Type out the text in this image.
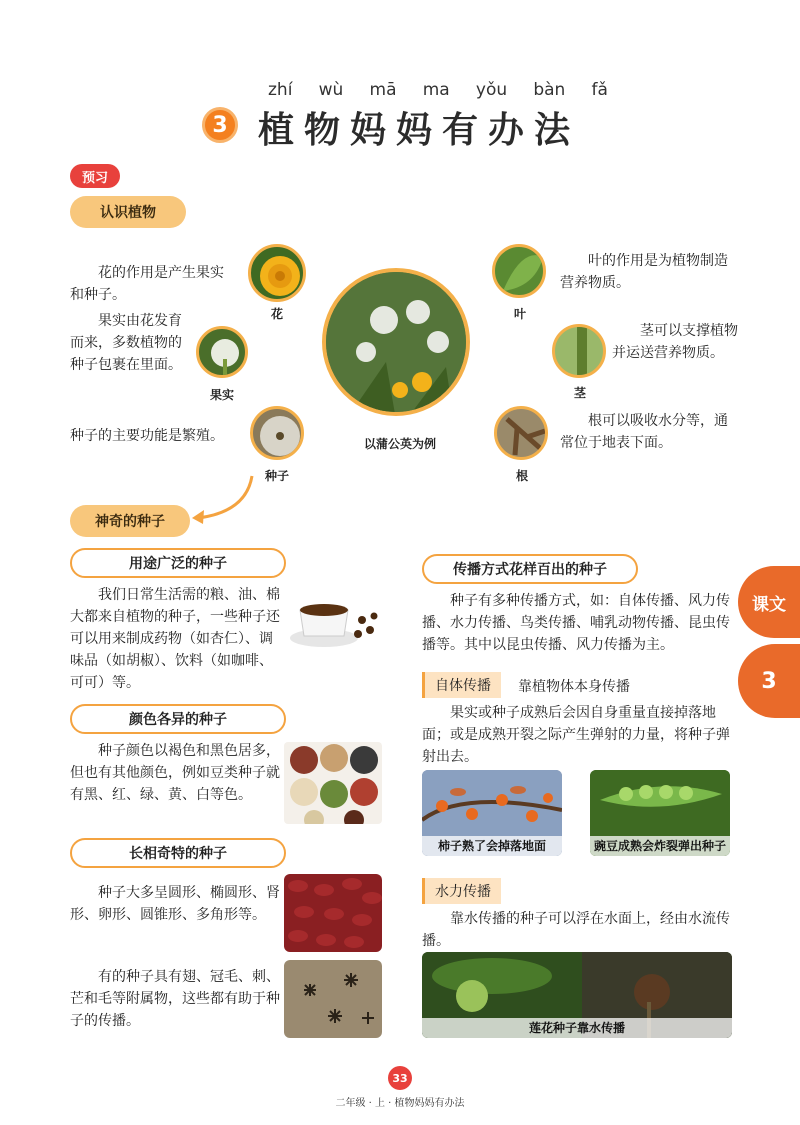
zhí wù mā ma yǒu bàn fǎ
3 植物妈妈有办法
预习
认识植物
花的作用是产生果实和种子。
果实由花发育而来，多数植物的种子包裹在里面。
种子的主要功能是繁殖。
花
果实
种子
以蒲公英为例
叶
叶的作用是为植物制造营养物质。
茎
茎可以支撑植物并运送营养物质。
根
根可以吸收水分等，通常位于地表下面。
神奇的种子
用途广泛的种子
我们日常生活需的粮、油、棉大都来自植物的种子，一些种子还可以用来制成药物（如杏仁）、调味品（如胡椒）、饮料（如咖啡、可可）等。
颜色各异的种子
种子颜色以褐色和黑色居多，但也有其他颜色，例如豆类种子就有黑、红、绿、黄、白等色。
长相奇特的种子
种子大多呈圆形、椭圆形、肾形、卵形、圆锥形、多角形等。
有的种子具有翅、冠毛、刺、芒和毛等附属物，这些都有助于种子的传播。
传播方式花样百出的种子
种子有多种传播方式，如：自体传播、风力传播、水力传播、鸟类传播、哺乳动物传播、昆虫传播等。其中以昆虫传播、风力传播为主。
自体传播	靠植物体本身传播
果实或种子成熟后会因自身重量直接掉落地面；或是成熟开裂之际产生弹射的力量，将种子弹射出去。
柿子熟了会掉落地面	豌豆成熟会炸裂弹出种子
水力传播
靠水传播的种子可以浮在水面上，经由水流传播。
莲花种子靠水传播
课文
3
33
二年级 · 上 · 植物妈妈有办法
